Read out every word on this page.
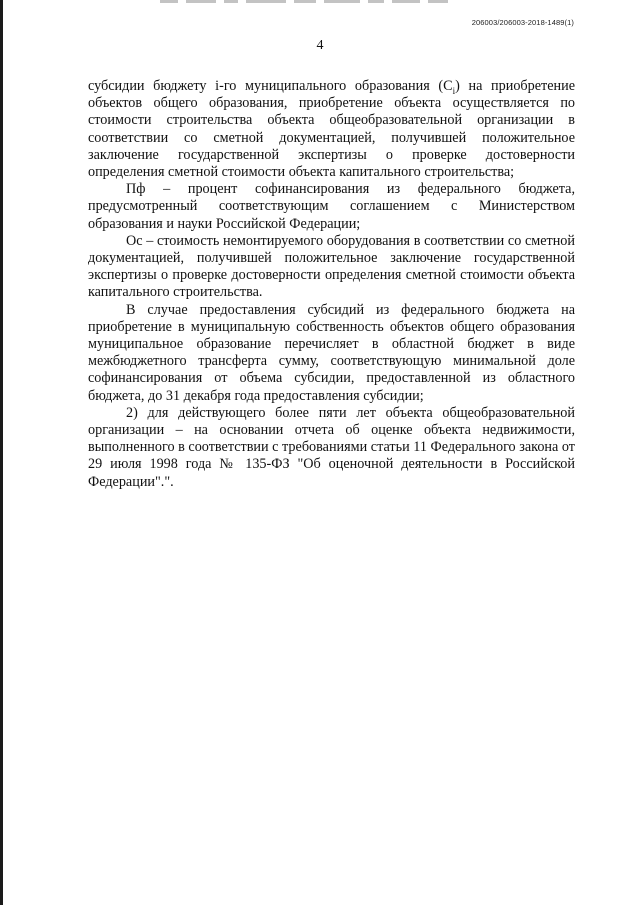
206003/206003-2018-1489(1)
4

субсидии бюджету i-го муниципального образования $(C_i)$ на приобретение объектов общего образования, приобретение объекта осуществляется по стоимости строительства объекта общеобразовательной организации в соответствии со сметной документацией, получившей положительное заключение государственной экспертизы о проверке достоверности определения сметной стоимости объекта капитального строительства;

Пф – процент софинансирования из федерального бюджета, предусмотренный соответствующим соглашением с Министерством образования и науки Российской Федерации;

Ос – стоимость немонтируемого оборудования в соответствии со сметной документацией, получившей положительное заключение государственной экспертизы о проверке достоверности определения сметной стоимости объекта капитального строительства.

В случае предоставления субсидий из федерального бюджета на приобретение в муниципальную собственность объектов общего образования муниципальное образование перечисляет в областной бюджет в виде межбюджетного трансферта сумму, соответствующую минимальной доле софинансирования от объема субсидии, предоставленной из областного бюджета, до 31 декабря года предоставления субсидии;

2) для действующего более пяти лет объекта общеобразовательной организации – на основании отчета об оценке объекта недвижимости, выполненного в соответствии с требованиями статьи 11 Федерального закона от 29 июля 1998 года № 135-ФЗ "Об оценочной деятельности в Российской Федерации".".
